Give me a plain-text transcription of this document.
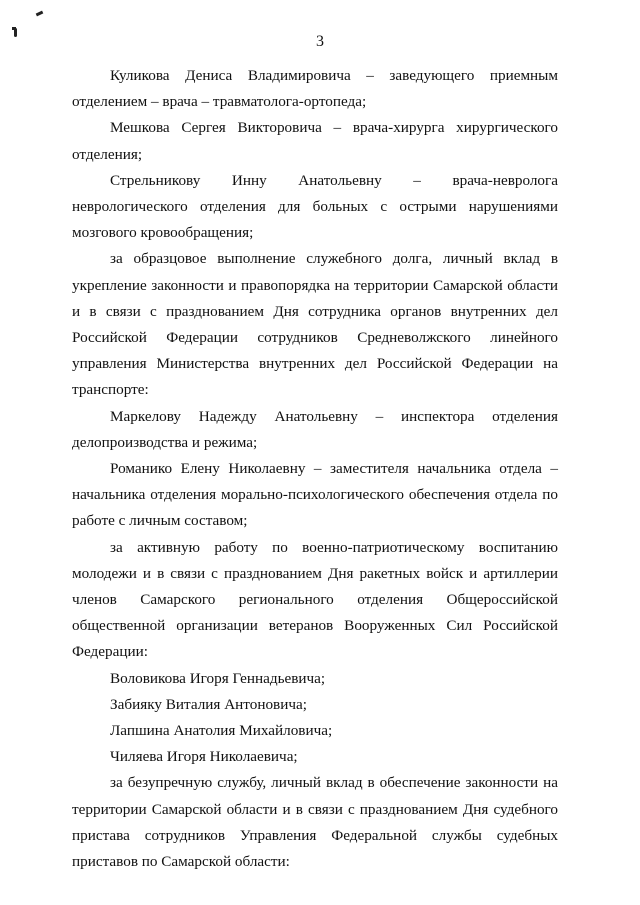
3

Куликова Дениса Владимировича – заведующего приемным отделением – врача – травматолога-ортопеда;

Мешкова Сергея Викторовича – врача-хирурга хирургического отделения;

Стрельникову Инну Анатольевну – врача-невролога неврологического отделения для больных с острыми нарушениями мозгового кровообращения;

за образцовое выполнение служебного долга, личный вклад в укрепление законности и правопорядка на территории Самарской области и в связи с празднованием Дня сотрудника органов внутренних дел Российской Федерации сотрудников Средневолжского линейного управления Министерства внутренних дел Российской Федерации на транспорте:

Маркелову Надежду Анатольевну – инспектора отделения делопроизводства и режима;

Романико Елену Николаевну – заместителя начальника отдела – начальника отделения морально-психологического обеспечения отдела по работе с личным составом;

за активную работу по военно-патриотическому воспитанию молодежи и в связи с празднованием Дня ракетных войск и артиллерии членов Самарского регионального отделения Общероссийской общественной организации ветеранов Вооруженных Сил Российской Федерации:

Воловикова Игоря Геннадьевича;

Забияку Виталия Антоновича;

Лапшина Анатолия Михайловича;

Чиляева Игоря Николаевича;

за безупречную службу, личный вклад в обеспечение законности на территории Самарской области и в связи с празднованием Дня судебного пристава сотрудников Управления Федеральной службы судебных приставов по Самарской области:
